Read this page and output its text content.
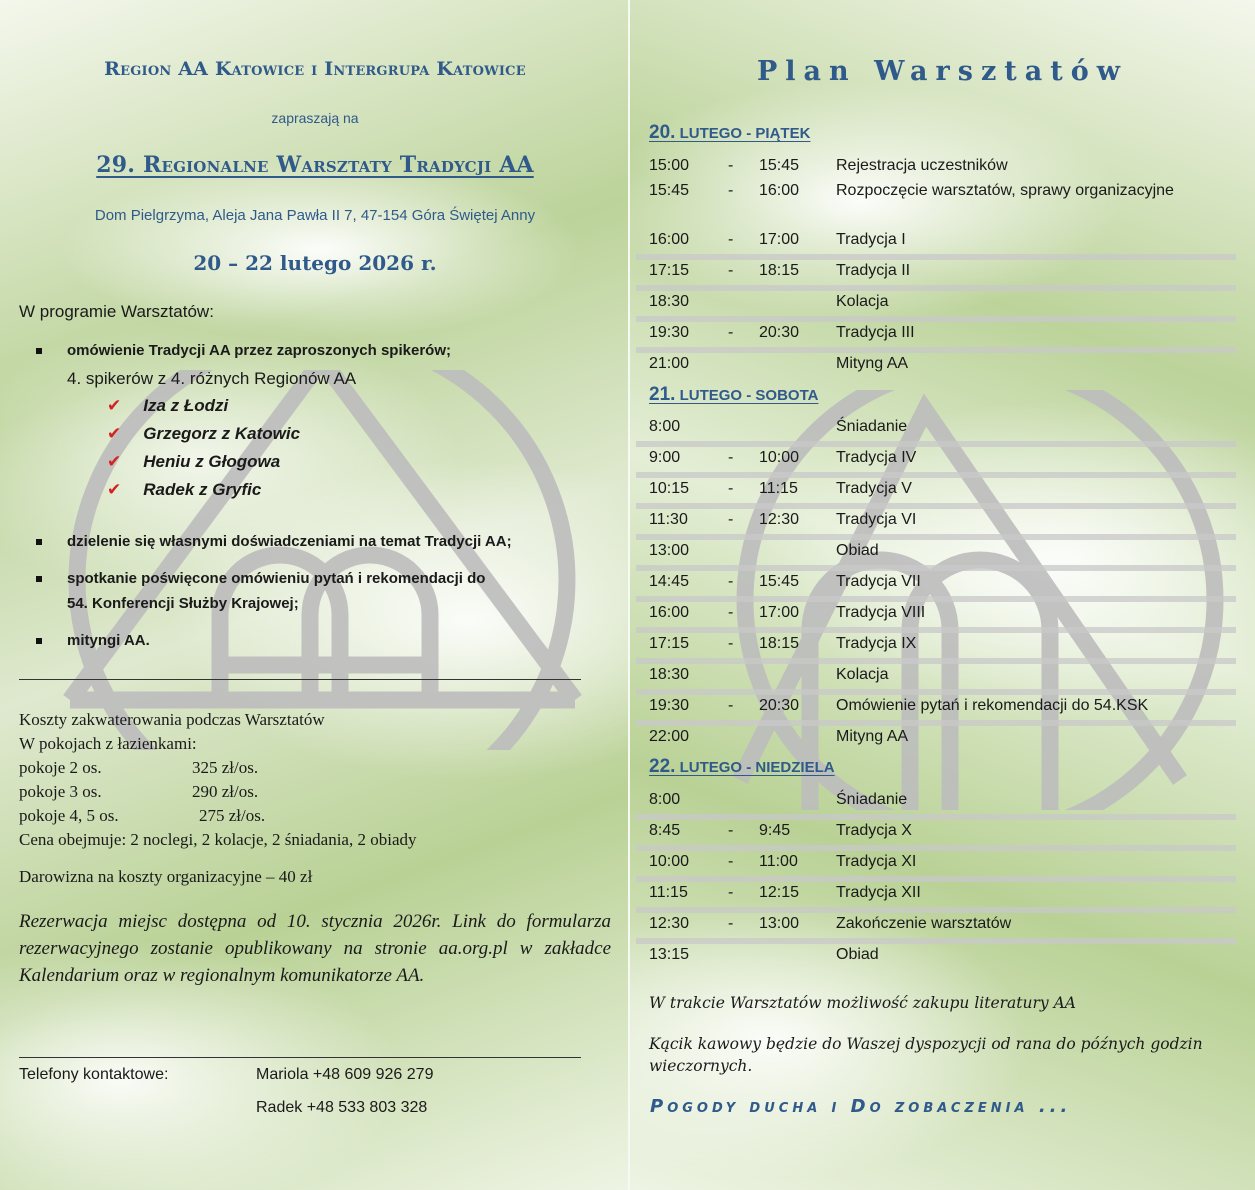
Region AA Katowice i Intergrupa Katowice
zapraszają na
29. Regionalne Warsztaty Tradycji AA
Dom Pielgrzyma, Aleja Jana Pawła II 7, 47-154 Góra Świętej Anny
20 – 22 lutego 2026 r.
W programie Warsztatów:
omówienie Tradycji AA przez zaproszonych spikerów;
4. spikerów z 4. różnych Regionów AA
✔ Iza z Łodzi
✔ Grzegorz z Katowic
✔ Heniu z Głogowa
✔ Radek z Gryfic
dzielenie się własnymi doświadczeniami na temat Tradycji AA;
spotkanie poświęcone omówieniu pytań i rekomendacji do
54. Konferencji Służby Krajowej;
mityngi AA.
Koszty zakwaterowania podczas Warsztatów
W pokojach z łazienkami:
pokoje 2 os.	325 zł/os.
pokoje 3 os.	290 zł/os.
pokoje 4, 5 os.	275 zł/os.
Cena obejmuje: 2 noclegi, 2 kolacje, 2 śniadania, 2 obiady
Darowizna na koszty organizacyjne – 40 zł
Rezerwacja miejsc dostępna od 10. stycznia 2026r. Link do formularza rezerwacyjnego zostanie opublikowany na stronie aa.org.pl w zakładce Kalendarium oraz w regionalnym komunikatorze AA.
Telefony kontaktowe:	Mariola +48 609 926 279
Radek +48 533 803 328
Plan Warsztatów
20. LUTEGO - PIĄTEK
21. LUTEGO - SOBOTA
22. LUTEGO - NIEDZIELA
W trakcie Warsztatów możliwość zakupu literatury AA
Kącik kawowy będzie do Waszej dyspozycji od rana do późnych godzin wieczornych.
Pogody ducha i Do zobaczenia ...
15:00 - 15:45 Rejestracja uczestników
15:45 - 16:00 Rozpoczęcie warsztatów, sprawy organizacyjne
16:00 - 17:00 Tradycja I
17:15 - 18:15 Tradycja II
18:30	Kolacja
19:30 - 20:30 Tradycja III
21:00	Mityng AA
8:00	Śniadanie
9:00	- 10:00 Tradycja IV
10:15 - 11:15 Tradycja V
11:30	- 12:30 Tradycja VI
13:00	Obiad
14:45 - 15:45 Tradycja VII
16:00 - 17:00 Tradycja VIII
17:15 - 18:15 Tradycja IX
18:30	Kolacja
19:30 - 20:30 Omówienie pytań i rekomendacji do 54.KSK
22:00	Mityng AA
8:00	Śniadanie
8:45	- 9:45	Tradycja X
10:00 - 11:00 Tradycja XI
11:15	- 12:15 Tradycja XII
12:30 - 13:00 Zakończenie warsztatów
13:15	Obiad
